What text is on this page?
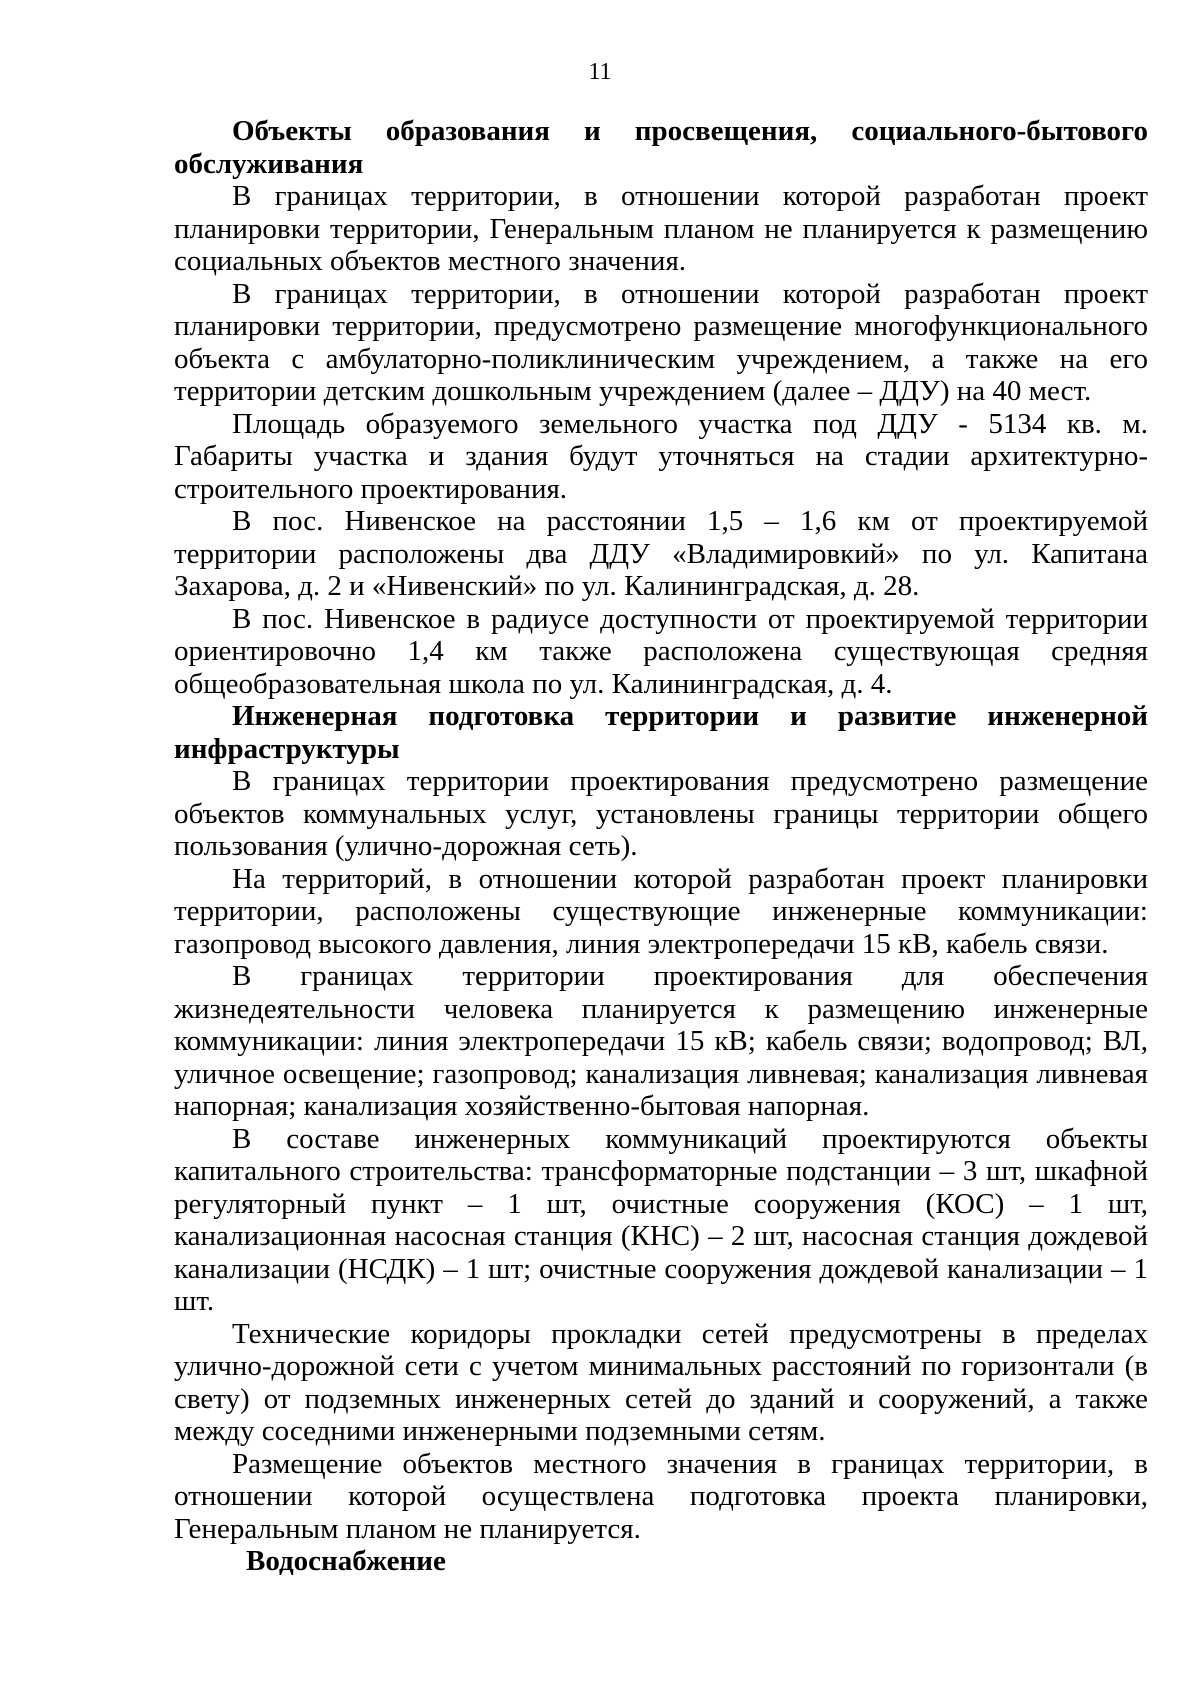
11

Объекты образования и просвещения, социального-бытового обслуживания

В границах территории, в отношении которой разработан проект планировки территории, Генеральным планом не планируется к размещению социальных объектов местного значения.

В границах территории, в отношении которой разработан проект планировки территории, предусмотрено размещение многофункционального объекта с амбулаторно-поликлиническим учреждением, а также на его территории детским дошкольным учреждением (далее – ДДУ) на 40 мест.

Площадь образуемого земельного участка под ДДУ - 5134 кв. м. Габариты участка и здания будут уточняться на стадии архитектурно-строительного проектирования.

В пос. Нивенское на расстоянии 1,5 – 1,6 км от проектируемой территории расположены два ДДУ «Владимировкий» по ул. Капитана Захарова, д. 2 и «Нивенский» по ул. Калининградская, д. 28.

В пос. Нивенское в радиусе доступности от проектируемой территории ориентировочно 1,4 км также расположена существующая средняя общеобразовательная школа по ул. Калининградская, д. 4.

Инженерная подготовка территории и развитие инженерной инфраструктуры

В границах территории проектирования предусмотрено размещение объектов коммунальных услуг, установлены границы территории общего пользования (улично-дорожная сеть).

На территорий, в отношении которой разработан проект планировки территории, расположены существующие инженерные коммуникации: газопровод высокого давления, линия электропередачи 15 кВ, кабель связи.

В границах территории проектирования для обеспечения жизнедеятельности человека планируется к размещению инженерные коммуникации: линия электропередачи 15 кВ; кабель связи; водопровод; ВЛ, уличное освещение; газопровод; канализация ливневая; канализация ливневая напорная; канализация хозяйственно-бытовая напорная.

В составе инженерных коммуникаций проектируются объекты капитального строительства: трансформаторные подстанции – 3 шт, шкафной регуляторный пункт – 1 шт, очистные сооружения (КОС) – 1 шт, канализационная насосная станция (КНС) – 2 шт, насосная станция дождевой канализации (НСДК) – 1 шт; очистные сооружения дождевой канализации – 1 шт.

Технические коридоры прокладки сетей предусмотрены в пределах улично-дорожной сети с учетом минимальных расстояний по горизонтали (в свету) от подземных инженерных сетей до зданий и сооружений, а также между соседними инженерными подземными сетям.

Размещение объектов местного значения в границах территории, в отношении которой осуществлена подготовка проекта планировки, Генеральным планом не планируется.

Водоснабжение
